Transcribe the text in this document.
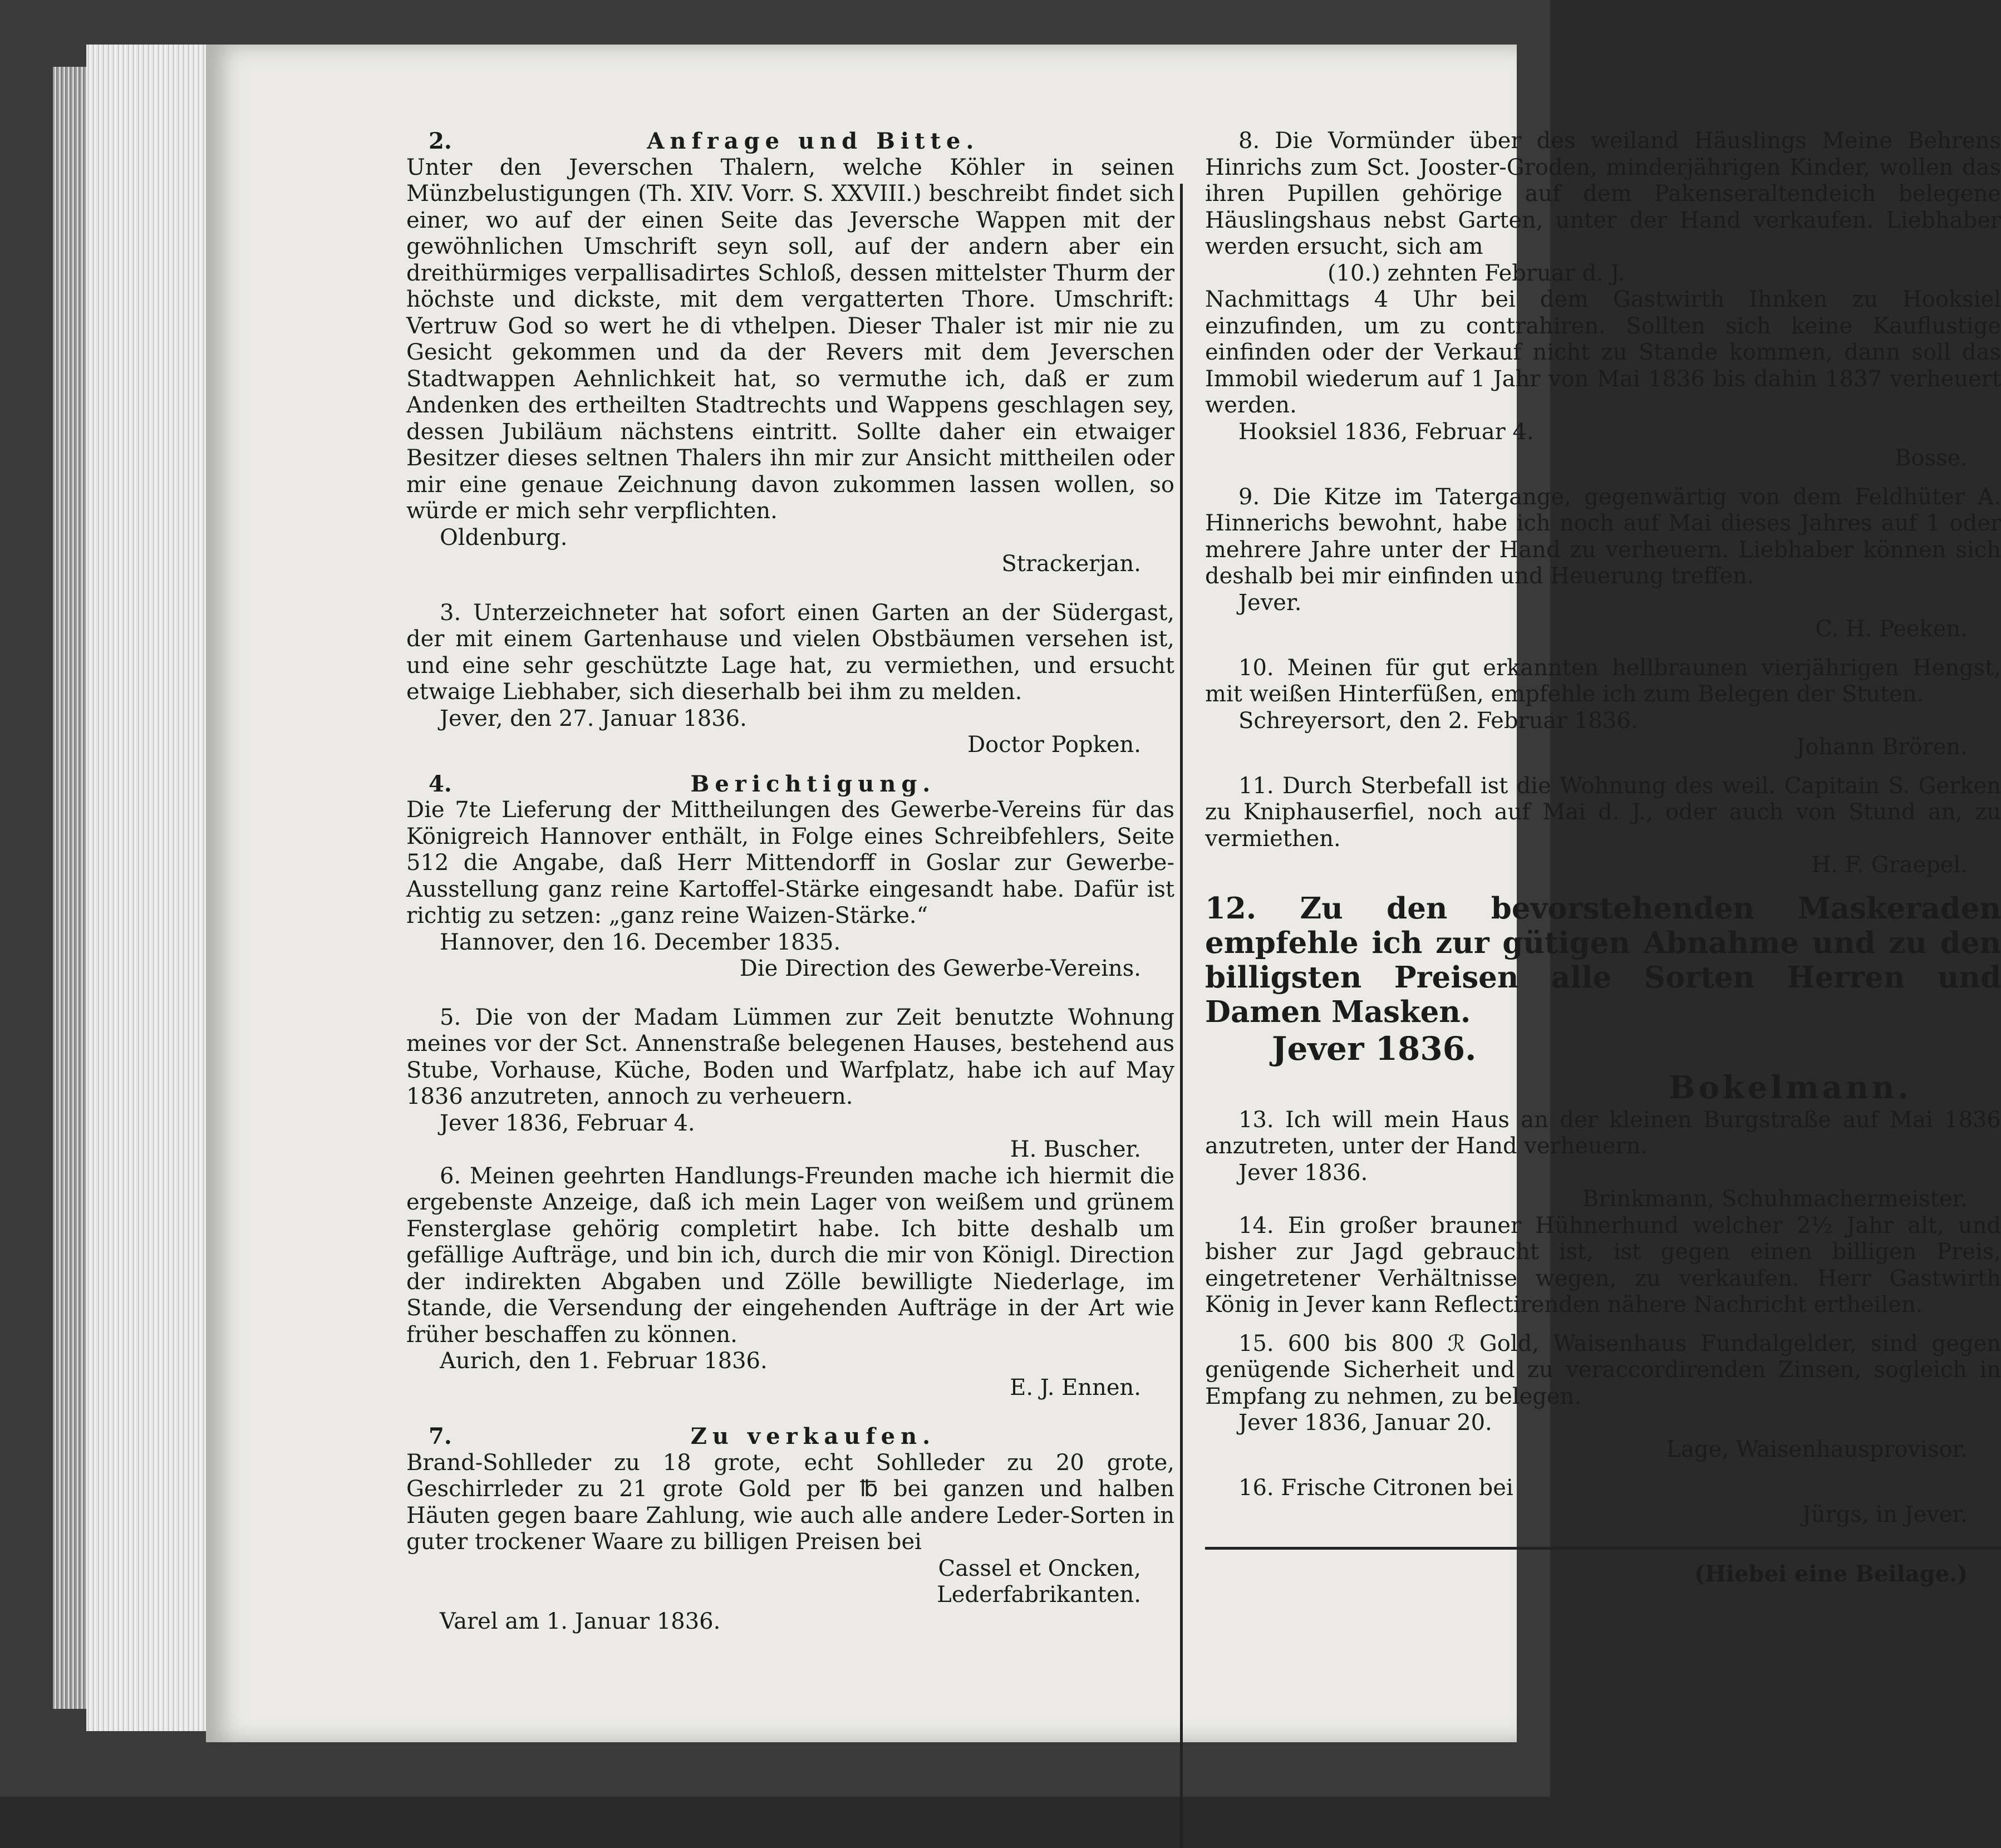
2.	Anfrage und Bitte.

Unter den Jeverschen Thalern, welche Köhler in seinen Münzbelustigungen (Th. XIV. Vorr. S. XXVIII.) beschreibt findet sich einer, wo auf der einen Seite das Jeversche Wappen mit der gewöhnlichen Umschrift seyn soll, auf der andern aber ein dreithürmiges verpallisadirtes Schloß, dessen mittelster Thurm der höchste und dickste, mit dem vergatterten Thore. Umschrift: Vertruw God so wert he di vthelpen. Dieser Thaler ist mir nie zu Gesicht gekommen und da der Revers mit dem Jeverschen Stadtwappen Aehnlichkeit hat, so vermuthe ich, daß er zum Andenken des ertheilten Stadtrechts und Wappens geschlagen sey, dessen Jubiläum nächstens eintritt. Sollte daher ein etwaiger Besitzer dieses seltnen Thalers ihn mir zur Ansicht mittheilen oder mir eine genaue Zeichnung davon zukommen lassen wollen, so würde er mich sehr verpflichten.

Oldenburg.

Strackerjan.

3. Unterzeichneter hat sofort einen Garten an der Südergast, der mit einem Gartenhause und vielen Obstbäumen versehen ist, und eine sehr geschützte Lage hat, zu vermiethen, und ersucht etwaige Liebhaber, sich dieserhalb bei ihm zu melden.

Jever, den 27. Januar 1836.

Doctor Popken.

4.	Berichtigung.

Die 7te Lieferung der Mittheilungen des Gewerbe-Vereins für das Königreich Hannover enthält, in Folge eines Schreibfehlers, Seite 512 die Angabe, daß Herr Mittendorff in Goslar zur Gewerbe-Ausstellung ganz reine Kartoffel-Stärke eingesandt habe. Dafür ist richtig zu setzen: „ganz reine Waizen-Stärke.“

Hannover, den 16. December 1835.

Die Direction des Gewerbe-Vereins.

5. Die von der Madam Lümmen zur Zeit benutzte Wohnung meines vor der Sct. Annenstraße belegenen Hauses, bestehend aus Stube, Vorhause, Küche, Boden und Warfplatz, habe ich auf May 1836 anzutreten, annoch zu verheuern.

Jever 1836, Februar 4.

H. Buscher.

6. Meinen geehrten Handlungs-Freunden mache ich hiermit die ergebenste Anzeige, daß ich mein Lager von weißem und grünem Fensterglase gehörig completirt habe. Ich bitte deshalb um gefällige Aufträge, und bin ich, durch die mir von Königl. Direction der indirekten Abgaben und Zölle bewilligte Niederlage, im Stande, die Versendung der eingehenden Aufträge in der Art wie früher beschaffen zu können.

Aurich, den 1. Februar 1836.

E. J. Ennen.

7.	Zu verkaufen.

Brand-Sohlleder zu 18 grote, echt Sohlleder zu 20 grote, Geschirrleder zu 21 grote Gold per ℔ bei ganzen und halben Häuten gegen baare Zahlung, wie auch alle andere Leder-Sorten in guter trockener Waare zu billigen Preisen bei

Cassel et Oncken,

Lederfabrikanten.

Varel am 1. Januar 1836.

8. Die Vormünder über des weiland Häuslings Meine Behrens Hinrichs zum Sct. Jooster-Groden, minderjährigen Kinder, wollen das ihren Pupillen gehörige auf dem Pakenseraltendeich belegene Häuslingshaus nebst Garten, unter der Hand verkaufen. Liebhaber werden ersucht, sich am

(10.) zehnten Februar d. J.

Nachmittags 4 Uhr bei dem Gastwirth Ihnken zu Hooksiel einzufinden, um zu contrahiren. Sollten sich keine Kauflustige einfinden oder der Verkauf nicht zu Stande kommen, dann soll das Immobil wiederum auf 1 Jahr von Mai 1836 bis dahin 1837 verheuert werden.

Hooksiel 1836, Februar 4.

Bosse.

9. Die Kitze im Tatergange, gegenwärtig von dem Feldhüter A. Hinnerichs bewohnt, habe ich noch auf Mai dieses Jahres auf 1 oder mehrere Jahre unter der Hand zu verheuern. Liebhaber können sich deshalb bei mir einfinden und Heuerung treffen.

Jever.

C. H. Peeken.

10. Meinen für gut erkannten hellbraunen vierjährigen Hengst, mit weißen Hinterfüßen, empfehle ich zum Belegen der Stuten.

Schreyersort, den 2. Februar 1836.

Johann Brören.

11. Durch Sterbefall ist die Wohnung des weil. Capitain S. Gerken zu Kniphauserfiel, noch auf Mai d. J., oder auch von Stund an, zu vermiethen.

H. F. Graepel.

12. Zu den bevorstehenden Maskeraden empfehle ich zur gütigen Abnahme und zu den billigsten Preisen alle Sorten Herren und Damen Masken.

Jever 1836.

Bokelmann.

13. Ich will mein Haus an der kleinen Burgstraße auf Mai 1836 anzutreten, unter der Hand verheuern.

Jever 1836.

Brinkmann, Schuhmachermeister.

14. Ein großer brauner Hühnerhund welcher 2½ Jahr alt, und bisher zur Jagd gebraucht ist, ist gegen einen billigen Preis, eingetretener Verhältnisse wegen, zu verkaufen. Herr Gastwirth König in Jever kann Reflectirenden nähere Nachricht ertheilen.

15. 600 bis 800 ℛ Gold, Waisenhaus Fundalgelder, sind gegen genügende Sicherheit und zu veraccordirenden Zinsen, sogleich in Empfang zu nehmen, zu belegen.

Jever 1836, Januar 20.

Lage, Waisenhausprovisor.

16. Frische Citronen bei

Jürgs, in Jever.

(Hiebei eine Beilage.)
